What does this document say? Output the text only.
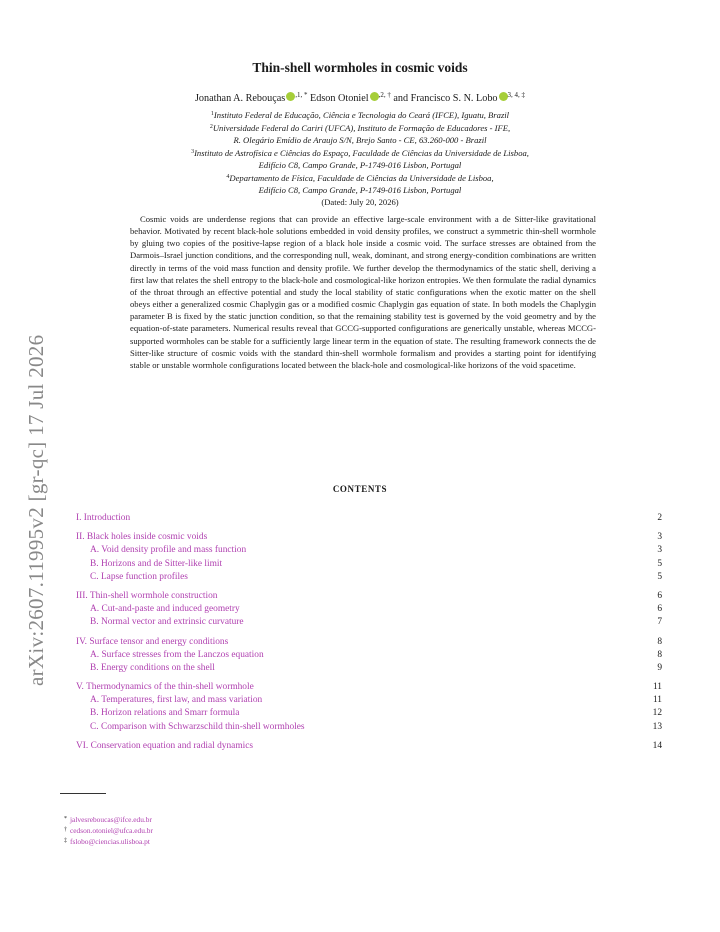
arXiv:2607.11995v2 [gr-qc] 17 Jul 2026
Thin-shell wormholes in cosmic voids
Jonathan A. Rebouças $^{,1, *}$ Edson Otoniel $^{,2, \dagger}$ and Francisco S. N. Lobo $^{3, 4, \ddagger}$
$^1$Instituto Federal de Educação, Ciência e Tecnologia do Ceará (IFCE), Iguatu, Brazil
$^2$Universidade Federal do Cariri (UFCA), Instituto de Formação de Educadores - IFE,
R. Olegário Emídio de Araujo S/N, Brejo Santo - CE, 63.260-000 - Brazil
$^3$Instituto de Astrofísica e Ciências do Espaço, Faculdade de Ciências da Universidade de Lisboa,
Edifício C8, Campo Grande, P-1749-016 Lisbon, Portugal
$^4$Departamento de Física, Faculdade de Ciências da Universidade de Lisboa,
Edifício C8, Campo Grande, P-1749-016 Lisbon, Portugal
(Dated: July 20, 2026)

Cosmic voids are underdense regions that can provide an effective large-scale environment with a de Sitter-like gravitational behavior. Motivated by recent black-hole solutions embedded in void density profiles, we construct a symmetric thin-shell wormhole by gluing two copies of the positive-lapse region of a black hole inside a cosmic void. The surface stresses are obtained from the Darmois–Israel junction conditions, and the corresponding null, weak, dominant, and strong energy-condition combinations are written directly in terms of the void mass function and density profile. We further develop the thermodynamics of the static shell, deriving a first law that relates the shell entropy to the black-hole and cosmological-like horizon entropies. We then formulate the radial dynamics of the throat through an effective potential and study the local stability of static configurations when the exotic matter on the shell obeys either a generalized cosmic Chaplygin gas or a modified cosmic Chaplygin gas equation of state. In both models the Chaplygin parameter B is fixed by the static junction condition, so that the remaining stability test is governed by the void geometry and by the equation-of-state parameters. Numerical results reveal that GCCG-supported configurations are generically unstable, whereas MCCG-supported wormholes can be stable for a sufficiently large linear term in the equation of state. The resulting framework connects the de Sitter-like structure of cosmic voids with the standard thin-shell wormhole formalism and provides a starting point for identifying stable or unstable wormhole configurations located between the black-hole and cosmological-like horizons of the void spacetime.

CONTENTS
I. Introduction	2
II. Black holes inside cosmic voids	3
A. Void density profile and mass function	3
B. Horizons and de Sitter-like limit	5
C. Lapse function profiles	5
III. Thin-shell wormhole construction	6
A. Cut-and-paste and induced geometry	6
B. Normal vector and extrinsic curvature	7
IV. Surface tensor and energy conditions	8
A. Surface stresses from the Lanczos equation	8
B. Energy conditions on the shell	9
V. Thermodynamics of the thin-shell wormhole	11
A. Temperatures, first law, and mass variation	11
B. Horizon relations and Smarr formula	12
C. Comparison with Schwarzschild thin-shell wormholes	13
VI. Conservation equation and radial dynamics	14
* jalvesreboucas@ifce.edu.br
† cedson.otoniel@ufca.edu.br
‡ fslobo@ciencias.ulisboa.pt
